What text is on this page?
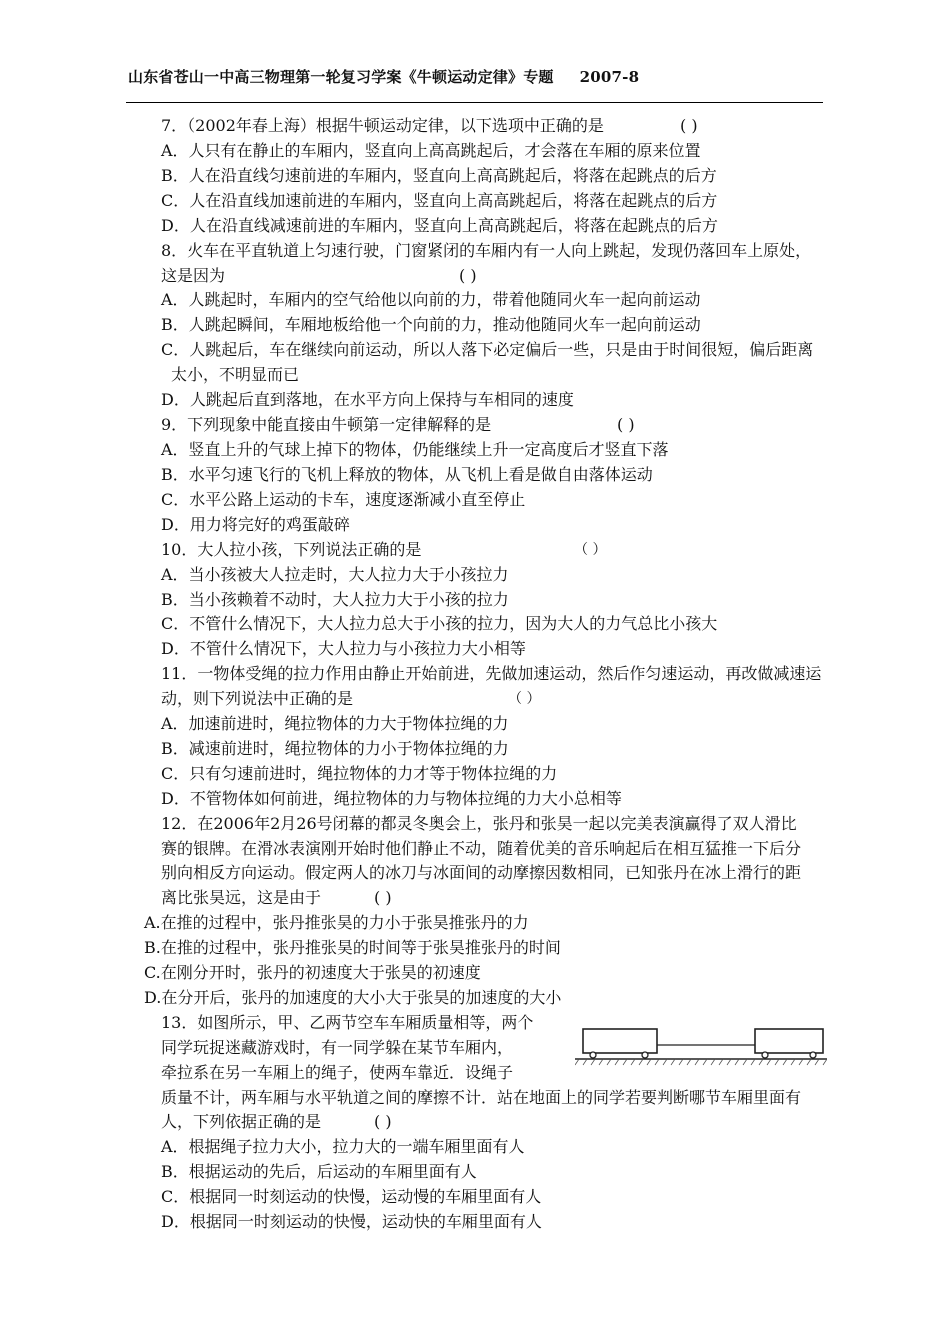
山东省苍山一中高三物理第一轮复习学案《牛顿运动定律》专题 2007-8
7．（2002年春上海）根据牛顿运动定律，以下选项中正确的是	( )
A．人只有在静止的车厢内，竖直向上高高跳起后，才会落在车厢的原来位置
B．人在沿直线匀速前进的车厢内，竖直向上高高跳起后，将落在起跳点的后方
C．人在沿直线加速前进的车厢内，竖直向上高高跳起后，将落在起跳点的后方
D．人在沿直线减速前进的车厢内，竖直向上高高跳起后，将落在起跳点的后方
8．火车在平直轨道上匀速行驶，门窗紧闭的车厢内有一人向上跳起，发现仍落回车上原处，
这是因为	( )
A．人跳起时，车厢内的空气给他以向前的力，带着他随同火车一起向前运动
B．人跳起瞬间，车厢地板给他一个向前的力，推动他随同火车一起向前运动
C．人跳起后，车在继续向前运动，所以人落下必定偏后一些，只是由于时间很短，偏后距离
太小，不明显而已
D．人跳起后直到落地，在水平方向上保持与车相同的速度
9．下列现象中能直接由牛顿第一定律解释的是	( )
A．竖直上升的气球上掉下的物体，仍能继续上升一定高度后才竖直下落
B．水平匀速飞行的飞机上释放的物体，从飞机上看是做自由落体运动
C．水平公路上运动的卡车，速度逐渐减小直至停止
D．用力将完好的鸡蛋敲碎
10．大人拉小孩，下列说法正确的是	（ ）
A．当小孩被大人拉走时，大人拉力大于小孩拉力
B．当小孩赖着不动时，大人拉力大于小孩的拉力
C．不管什么情况下，大人拉力总大于小孩的拉力，因为大人的力气总比小孩大
D．不管什么情况下，大人拉力与小孩拉力大小相等
11．一物体受绳的拉力作用由静止开始前进，先做加速运动，然后作匀速运动，再改做减速运
动，则下列说法中正确的是	（ ）
A．加速前进时，绳拉物体的力大于物体拉绳的力
B．减速前进时，绳拉物体的力小于物体拉绳的力
C．只有匀速前进时，绳拉物体的力才等于物体拉绳的力
D．不管物体如何前进，绳拉物体的力与物体拉绳的力大小总相等
12．在2006年2月26号闭幕的都灵冬奥会上，张丹和张昊一起以完美表演赢得了双人滑比
赛的银牌。在滑冰表演刚开始时他们静止不动，随着优美的音乐响起后在相互猛推一下后分
别向相反方向运动。假定两人的冰刀与冰面间的动摩擦因数相同，已知张丹在冰上滑行的距
离比张昊远，这是由于	( )
A.在推的过程中，张丹推张昊的力小于张昊推张丹的力
B.在推的过程中，张丹推张昊的时间等于张昊推张丹的时间
C.在刚分开时，张丹的初速度大于张昊的初速度
D.在分开后，张丹的加速度的大小大于张昊的加速度的大小
13．如图所示，甲、乙两节空车车厢质量相等，两个
同学玩捉迷藏游戏时，有一同学躲在某节车厢内，
牵拉系在另一车厢上的绳子，使两车靠近．设绳子
质量不计，两车厢与水平轨道之间的摩擦不计．站在地面上的同学若要判断哪节车厢里面有
人，下列依据正确的是	( )
A．根据绳子拉力大小，拉力大的一端车厢里面有人
B．根据运动的先后，后运动的车厢里面有人
C．根据同一时刻运动的快慢，运动慢的车厢里面有人
D．根据同一时刻运动的快慢，运动快的车厢里面有人
